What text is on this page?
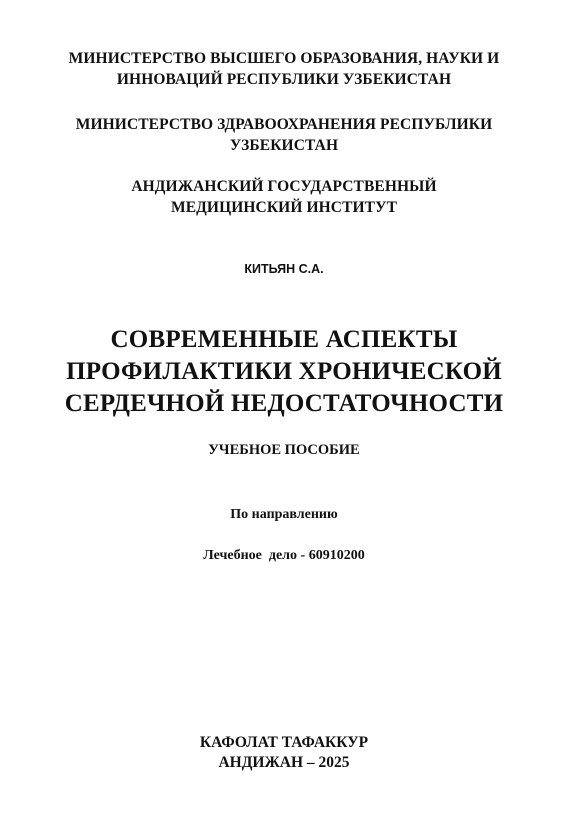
МИНИСТЕРСТВО ВЫСШЕГО ОБРАЗОВАНИЯ, НАУКИ И
ИННОВАЦИЙ РЕСПУБЛИКИ УЗБЕКИСТАН
МИНИСТЕРСТВО ЗДРАВООХРАНЕНИЯ РЕСПУБЛИКИ
УЗБЕКИСТАН
АНДИЖАНСКИЙ ГОСУДАРСТВЕННЫЙ
МЕДИЦИНСКИЙ ИНСТИТУТ
КИТЬЯН С.А.
СОВРЕМЕННЫЕ АСПЕКТЫ
ПРОФИЛАКТИКИ ХРОНИЧЕСКОЙ
СЕРДЕЧНОЙ НЕДОСТАТОЧНОСТИ
УЧЕБНОЕ ПОСОБИЕ
По направлению
Лечебное  дело - 60910200
КАФОЛАТ ТАФАККУР
АНДИЖАН – 2025
